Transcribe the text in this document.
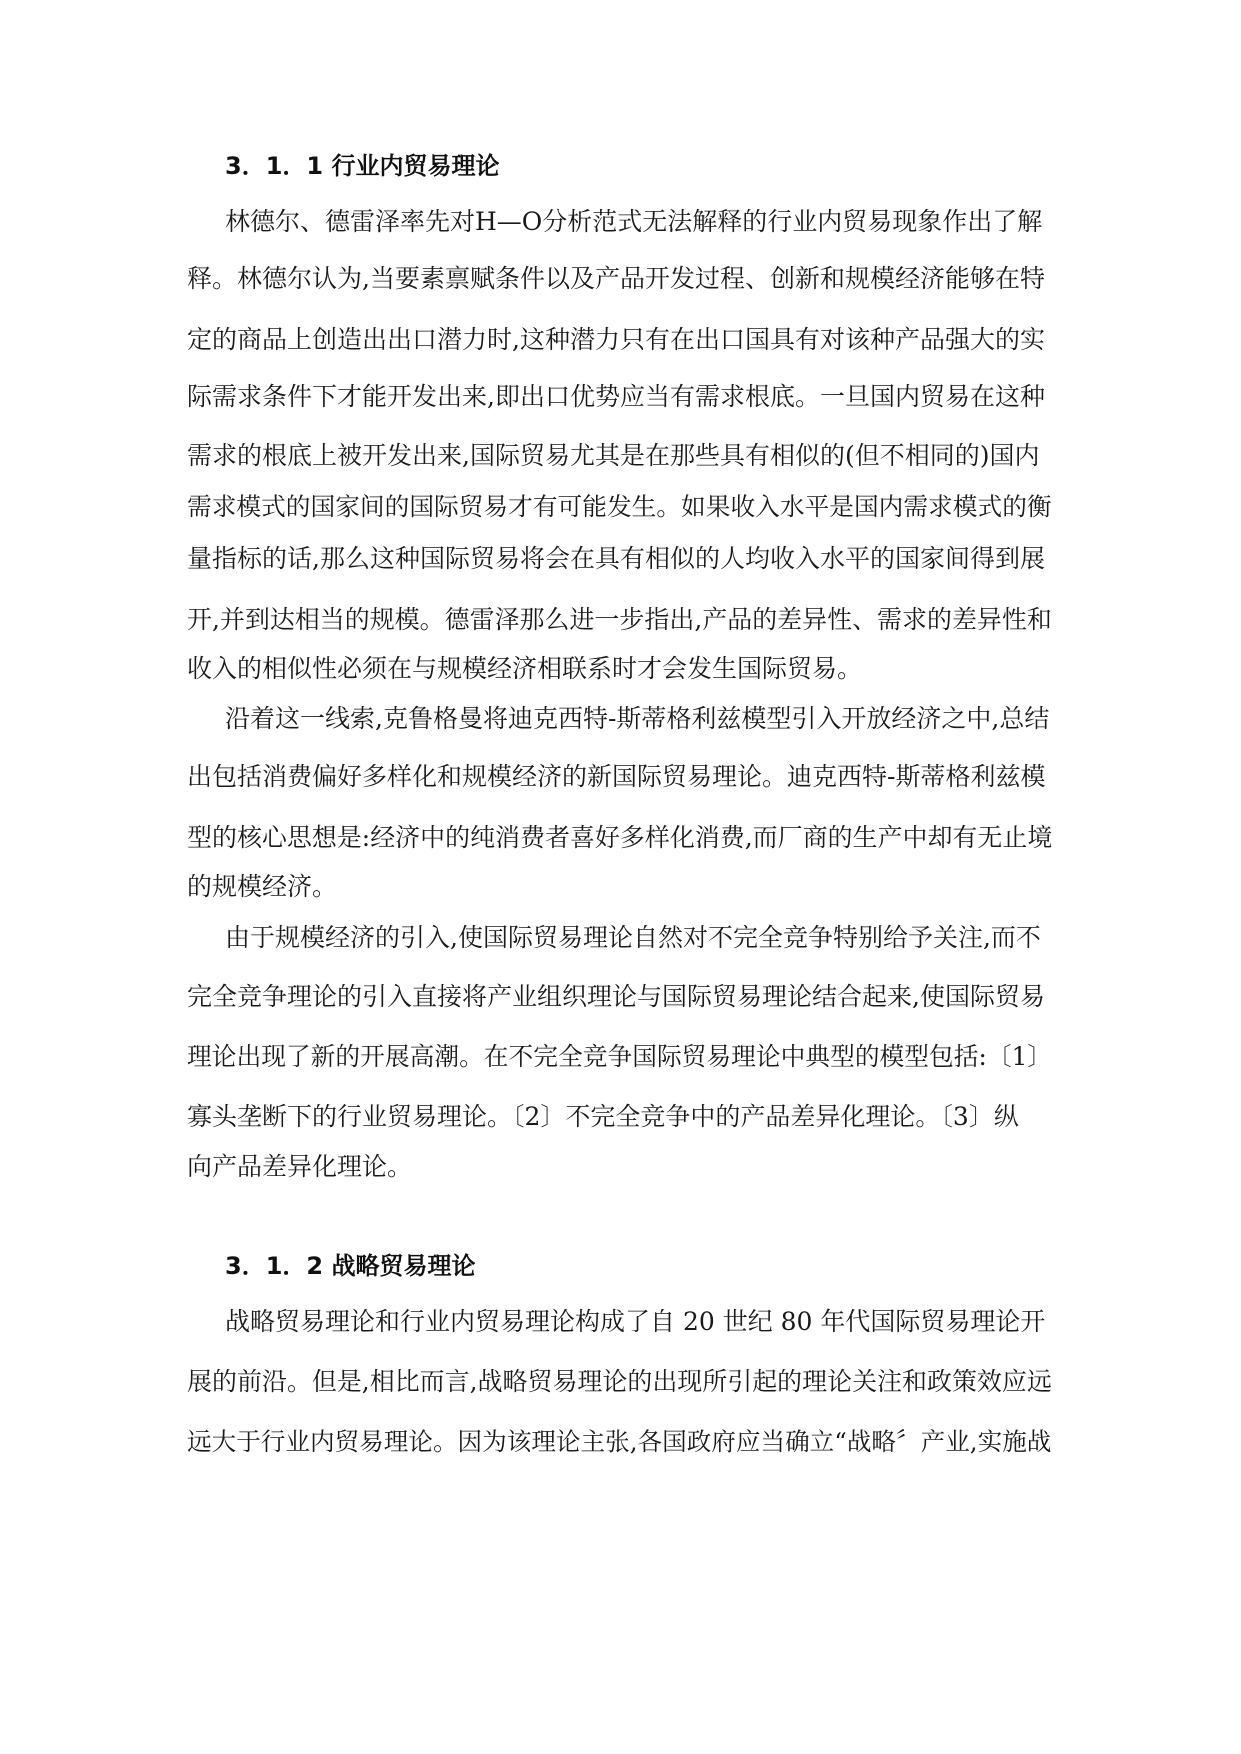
3．1．1 行业内贸易理论

林德尔、德雷泽率先对H—O分析范式无法解释的行业内贸易现象作出了解

释。林德尔认为,当要素禀赋条件以及产品开发过程、创新和规模经济能够在特

定的商品上创造出出口潜力时,这种潜力只有在出口国具有对该种产品强大的实

际需求条件下才能开发出来,即出口优势应当有需求根底。一旦国内贸易在这种

需求的根底上被开发出来,国际贸易尤其是在那些具有相似的(但不相同的)国内

需求模式的国家间的国际贸易才有可能发生。如果收入水平是国内需求模式的衡

量指标的话,那么这种国际贸易将会在具有相似的人均收入水平的国家间得到展

开,并到达相当的规模。德雷泽那么进一步指出,产品的差异性、需求的差异性和

收入的相似性必须在与规模经济相联系时才会发生国际贸易。

沿着这一线索,克鲁格曼将迪克西特-斯蒂格利兹模型引入开放经济之中,总结

出包括消费偏好多样化和规模经济的新国际贸易理论。迪克西特-斯蒂格利兹模

型的核心思想是:经济中的纯消费者喜好多样化消费,而厂商的生产中却有无止境

的规模经济。

由于规模经济的引入,使国际贸易理论自然对不完全竞争特别给予关注,而不

完全竞争理论的引入直接将产业组织理论与国际贸易理论结合起来,使国际贸易

理论出现了新的开展高潮。在不完全竞争国际贸易理论中典型的模型包括:〔1〕

寡头垄断下的行业贸易理论。〔2〕不完全竞争中的产品差异化理论。〔3〕纵

向产品差异化理论。

3．1．2 战略贸易理论

战略贸易理论和行业内贸易理论构成了自 20 世纪 80 年代国际贸易理论开

展的前沿。但是,相比而言,战略贸易理论的出现所引起的理论关注和政策效应远

远大于行业内贸易理论。因为该理论主张,各国政府应当确立“战略〞产业,实施战
